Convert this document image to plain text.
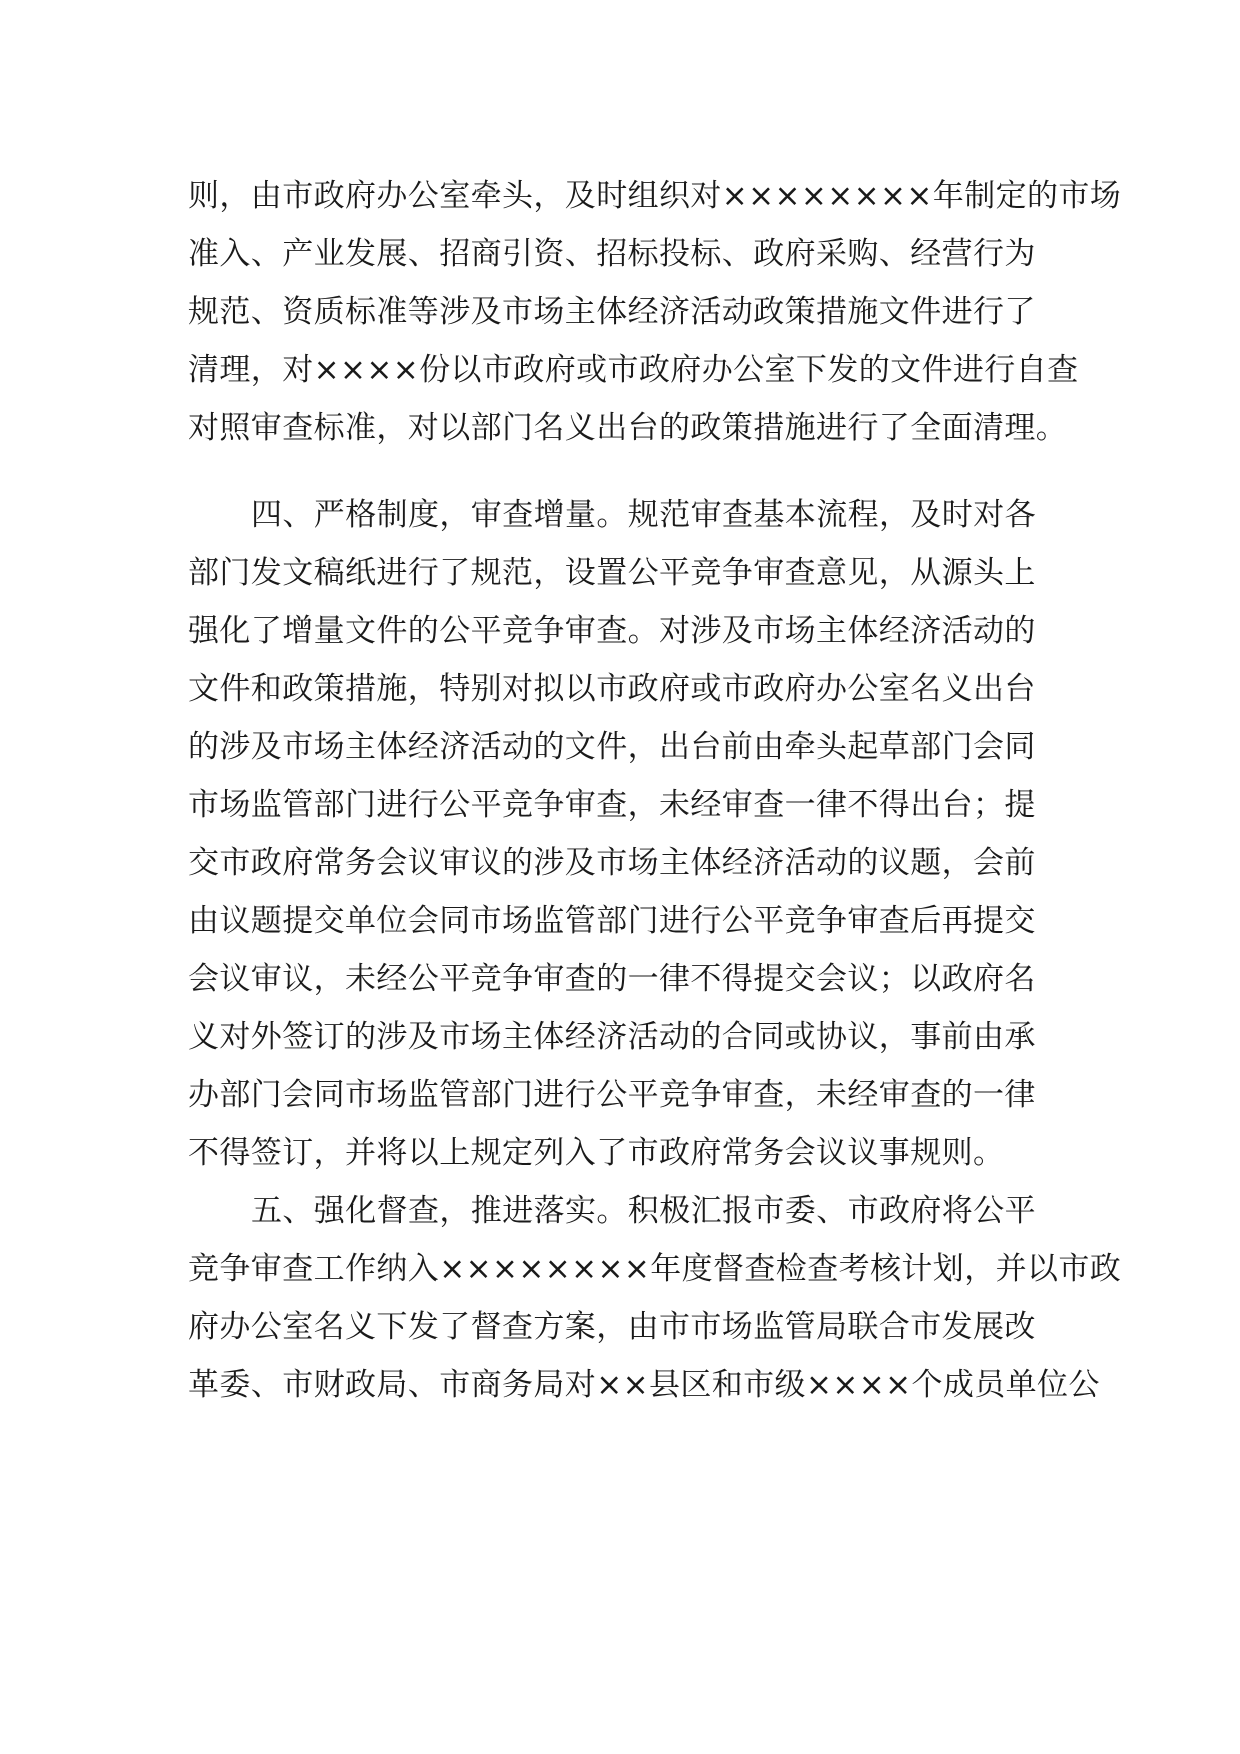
则，由市政府办公室牵头，及时组织对××××××××年制定的市场
准入、产业发展、招商引资、招标投标、政府采购、经营行为
规范、资质标准等涉及市场主体经济活动政策措施文件进行了
清理，对××××份以市政府或市政府办公室下发的文件进行自查
对照审查标准，对以部门名义出台的政策措施进行了全面清理。
四、严格制度，审查增量。规范审查基本流程，及时对各
部门发文稿纸进行了规范，设置公平竞争审查意见，从源头上
强化了增量文件的公平竞争审查。对涉及市场主体经济活动的
文件和政策措施，特别对拟以市政府或市政府办公室名义出台
的涉及市场主体经济活动的文件，出台前由牵头起草部门会同
市场监管部门进行公平竞争审查，未经审查一律不得出台；提
交市政府常务会议审议的涉及市场主体经济活动的议题，会前
由议题提交单位会同市场监管部门进行公平竞争审查后再提交
会议审议，未经公平竞争审查的一律不得提交会议；以政府名
义对外签订的涉及市场主体经济活动的合同或协议，事前由承
办部门会同市场监管部门进行公平竞争审查，未经审查的一律
不得签订，并将以上规定列入了市政府常务会议议事规则。
五、强化督查，推进落实。积极汇报市委、市政府将公平
竞争审查工作纳入××××××××年度督查检查考核计划，并以市政
府办公室名义下发了督查方案，由市市场监管局联合市发展改
革委、市财政局、市商务局对××县区和市级××××个成员单位公
